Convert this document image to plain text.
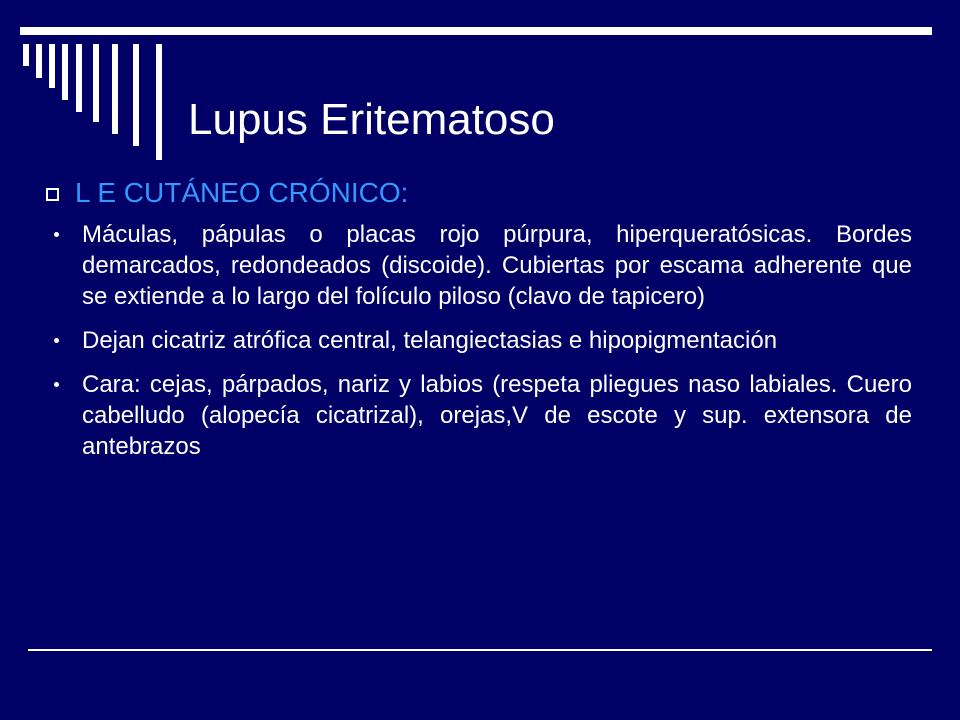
Lupus Eritematoso
L E CUTÁNEO CRÓNICO:
Máculas, pápulas o placas rojo púrpura, hiperqueratósicas. Bordes demarcados, redondeados (discoide). Cubiertas por escama adherente que se extiende a lo largo del folículo piloso (clavo de tapicero)
Dejan cicatriz atrófica central, telangiectasias e hipopigmentación
Cara: cejas, párpados, nariz y labios (respeta pliegues naso labiales. Cuero cabelludo (alopecía cicatrizal), orejas,V de escote y sup. extensora de antebrazos
